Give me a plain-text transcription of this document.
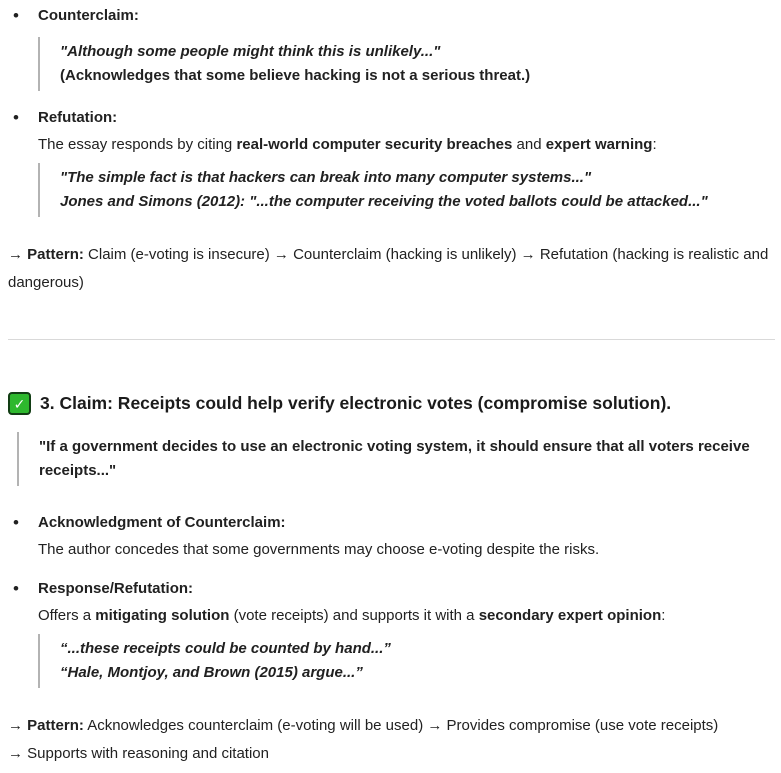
• Counterclaim:

"Although some people might think this is unlikely..."

(Acknowledges that some believe hacking is not a serious threat.)

• Refutation:

The essay responds by citing real-world computer security breaches and expert warning:

"The simple fact is that hackers can break into many computer systems..."

Jones and Simons (2012): "...the computer receiving the voted ballots could be attacked..."

→ Pattern: Claim (e-voting is insecure) → Counterclaim (hacking is unlikely) → Refutation (hacking is realistic and dangerous)

✓ 3. Claim: Receipts could help verify electronic votes (compromise solution).

"If a government decides to use an electronic voting system, it should ensure that all voters receive receipts..."

• Acknowledgment of Counterclaim:

The author concedes that some governments may choose e-voting despite the risks.

• Response/Refutation:

Offers a mitigating solution (vote receipts) and supports it with a secondary expert opinion:

“...these receipts could be counted by hand...”

“Hale, Montjoy, and Brown (2015) argue...”

→ Pattern: Acknowledges counterclaim (e-voting will be used) → Provides compromise (use vote receipts)

→ Supports with reasoning and citation
